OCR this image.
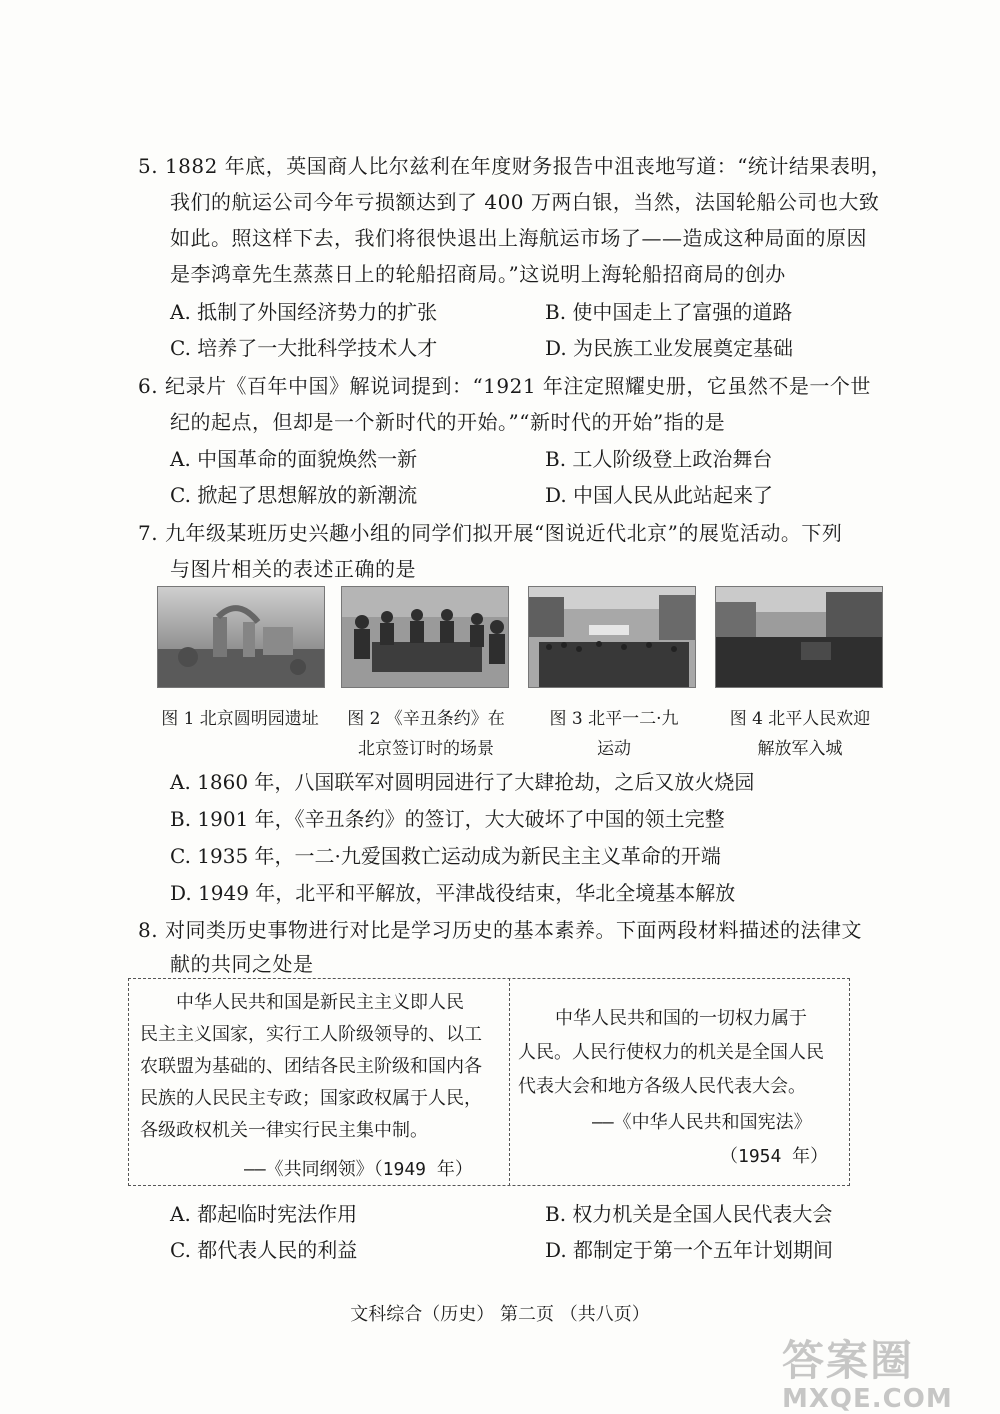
5. 1882 年底，英国商人比尔兹利在年度财务报告中沮丧地写道：“统计结果表明，
我们的航运公司今年亏损额达到了 400 万两白银，当然，法国轮船公司也大致
如此。照这样下去，我们将很快退出上海航运市场了——造成这种局面的原因
是李鸿章先生蒸蒸日上的轮船招商局。”这说明上海轮船招商局的创办
A. 抵制了外国经济势力的扩张	B. 使中国走上了富强的道路
C. 培养了一大批科学技术人才	D. 为民族工业发展奠定基础
6. 纪录片《百年中国》解说词提到：“1921 年注定照耀史册，它虽然不是一个世
纪的起点，但却是一个新时代的开始。”“新时代的开始”指的是
A. 中国革命的面貌焕然一新	B. 工人阶级登上政治舞台
C. 掀起了思想解放的新潮流	D. 中国人民从此站起来了
7. 九年级某班历史兴趣小组的同学们拟开展“图说近代北京”的展览活动。下列
与图片相关的表述正确的是
图 1 北京圆明园遗址	图 2 《辛丑条约》在
北京签订时的场景
图 3 北平一二·九
运动
图 4 北平人民欢迎
解放军入城
A. 1860 年，八国联军对圆明园进行了大肆抢劫，之后又放火烧园
B. 1901 年，《辛丑条约》的签订，大大破坏了中国的领土完整
C. 1935 年，一二·九爱国救亡运动成为新民主主义革命的开端
D. 1949 年，北平和平解放，平津战役结束，华北全境基本解放
8. 对同类历史事物进行对比是学习历史的基本素养。下面两段材料描述的法律文
献的共同之处是
中华人民共和国是新民主主义即人民
民主主义国家，实行工人阶级领导的、以工
农联盟为基础的、团结各民主阶级和国内各
民族的人民民主专政；国家政权属于人民，
各级政权机关一律实行民主集中制。
——《共同纲领》（1949 年）
中华人民共和国的一切权力属于
人民。人民行使权力的机关是全国人民
代表大会和地方各级人民代表大会。
——《中华人民共和国宪法》
（1954 年）
A. 都起临时宪法作用	B. 权力机关是全国人民代表大会
C. 都代表人民的利益	D. 都制定于第一个五年计划期间
文科综合（历史） 第二页 （共八页）
答案圈
MXQE.COM
